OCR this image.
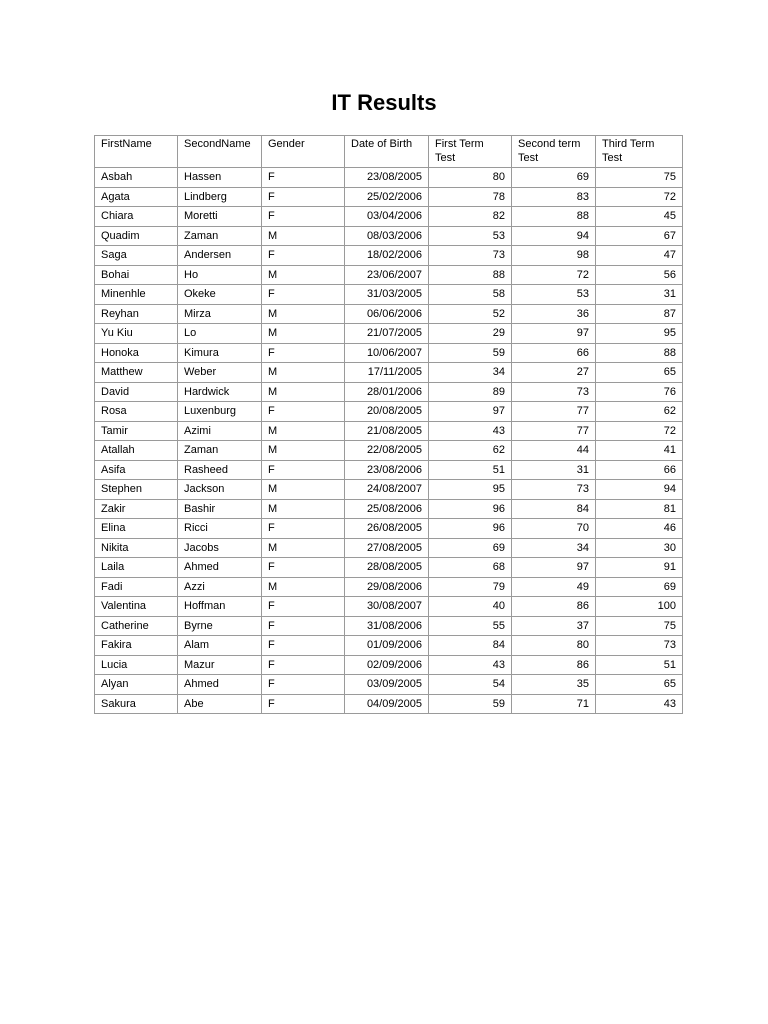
IT Results
FirstName	SecondName	Gender	Date of Birth	First Term Test	Second term Test	Third Term Test
Asbah	Hassen	F	23/08/2005	80	69	75
Agata	Lindberg	F	25/02/2006	78	83	72
Chiara	Moretti	F	03/04/2006	82	88	45
Quadim	Zaman	M	08/03/2006	53	94	67
Saga	Andersen	F	18/02/2006	73	98	47
Bohai	Ho	M	23/06/2007	88	72	56
Minenhle	Okeke	F	31/03/2005	58	53	31
Reyhan	Mirza	M	06/06/2006	52	36	87
Yu Kiu	Lo	M	21/07/2005	29	97	95
Honoka	Kimura	F	10/06/2007	59	66	88
Matthew	Weber	M	17/11/2005	34	27	65
David	Hardwick	M	28/01/2006	89	73	76
Rosa	Luxenburg	F	20/08/2005	97	77	62
Tamir	Azimi	M	21/08/2005	43	77	72
Atallah	Zaman	M	22/08/2005	62	44	41
Asifa	Rasheed	F	23/08/2006	51	31	66
Stephen	Jackson	M	24/08/2007	95	73	94
Zakir	Bashir	M	25/08/2006	96	84	81
Elina	Ricci	F	26/08/2005	96	70	46
Nikita	Jacobs	M	27/08/2005	69	34	30
Laila	Ahmed	F	28/08/2005	68	97	91
Fadi	Azzi	M	29/08/2006	79	49	69
Valentina	Hoffman	F	30/08/2007	40	86	100
Catherine	Byrne	F	31/08/2006	55	37	75
Fakira	Alam	F	01/09/2006	84	80	73
Lucia	Mazur	F	02/09/2006	43	86	51
Alyan	Ahmed	F	03/09/2005	54	35	65
Sakura	Abe	F	04/09/2005	59	71	43
